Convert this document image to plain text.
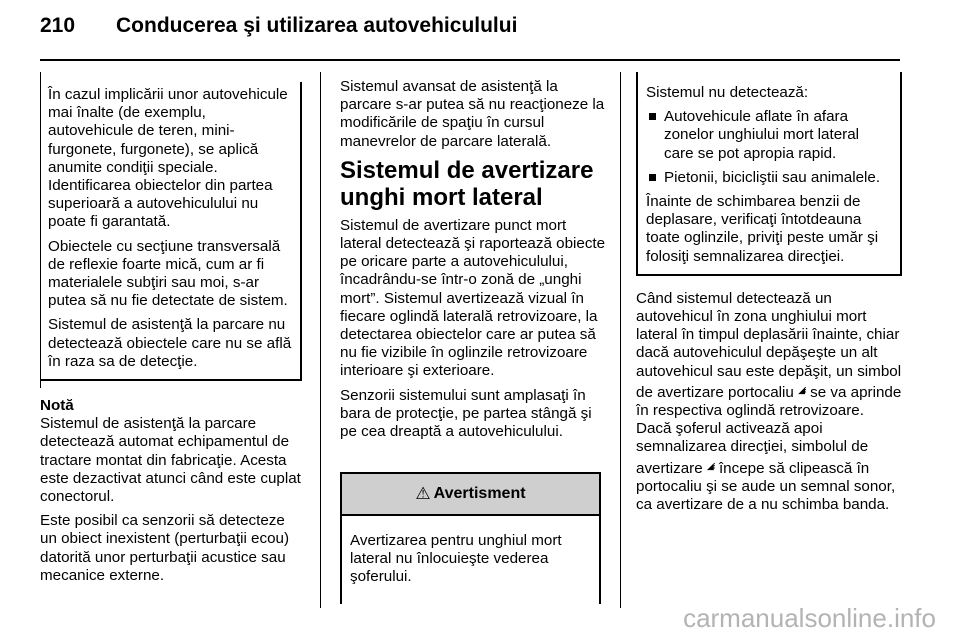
210 Conducerea şi utilizarea autovehiculului

În cazul implicării unor autovehicule mai înalte (de exemplu, autovehicule de teren, mini-furgonete, furgonete), se aplică anumite condiţii speciale. Identificarea obiectelor din partea superioară a autovehiculului nu poate fi garantată.

Obiectele cu secţiune transversală de reflexie foarte mică, cum ar fi materialele subţiri sau moi, s-ar putea să nu fie detectate de sistem.

Sistemul de asistenţă la parcare nu detectează obiectele care nu se află în raza sa de detecţie.

Notă

Sistemul de asistenţă la parcare detectează automat echipamentul de tractare montat din fabricaţie. Acesta este dezactivat atunci când este cuplat conectorul.

Este posibil ca senzorii să detecteze un obiect inexistent (perturbaţii ecou) datorită unor perturbaţii acustice sau mecanice externe.

Sistemul avansat de asistenţă la parcare s-ar putea să nu reacţioneze la modificările de spaţiu în cursul manevrelor de parcare laterală.

Sistemul de avertizare unghi mort lateral

Sistemul de avertizare punct mort lateral detectează şi raportează obiecte pe oricare parte a autovehiculului, încadrându-se într-o zonă de „unghi mort”. Sistemul avertizează vizual în fiecare oglindă laterală retrovizoare, la detectarea obiectelor care ar putea să nu fie vizibile în oglinzile retrovizoare interioare şi exterioare.

Senzorii sistemului sunt amplasaţi în bara de protecţie, pe partea stângă şi pe cea dreaptă a autovehiculului.

⚠ Avertisment
Avertizarea pentru unghiul mort lateral nu înlocuieşte vederea şoferului.

Sistemul nu detectează:

Autovehicule aflate în afara zonelor unghiului mort lateral care se pot apropia rapid.
Pietonii, bicicliştii sau animalele.

Înainte de schimbarea benzii de deplasare, verificaţi întotdeauna toate oglinzile, priviţi peste umăr şi folosiţi semnalizarea direcţiei.

Când sistemul detectează un autovehicul în zona unghiului mort lateral în timpul deplasării înainte, chiar dacă autovehiculul depăşeşte un alt autovehicul sau este depăşit, un simbol de avertizare portocaliu ◢⁝ se va aprinde în respectiva oglindă retrovizoare. Dacă şoferul activează apoi semnalizarea direcţiei, simbolul de avertizare ◢⁝ începe să clipească în portocaliu şi se aude un semnal sonor, ca avertizare de a nu schimba banda.

carmanualsonline.info
